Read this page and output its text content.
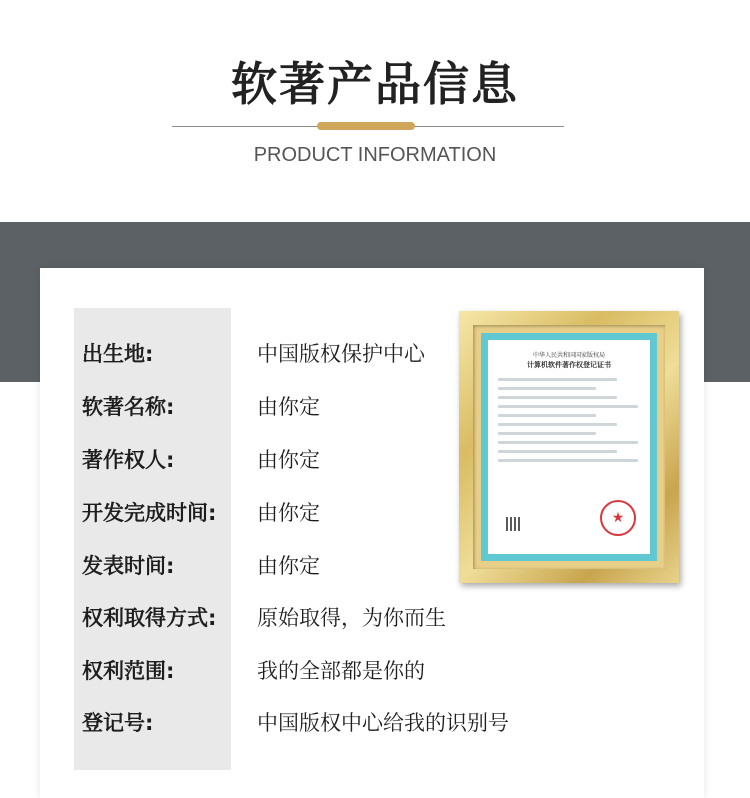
软著产品信息
PRODUCT INFORMATION
出生地:	中国版权保护中心
软著名称:	由你定
著作权人:	由你定
开发完成时间: 由你定
发表时间:	由你定
权利取得方式: 原始取得，为你而生
权利范围:	我的全部都是你的
登记号:	中国版权中心给我的识别号
中华人民共和国国家版权局
计算机软件著作权登记证书
★
